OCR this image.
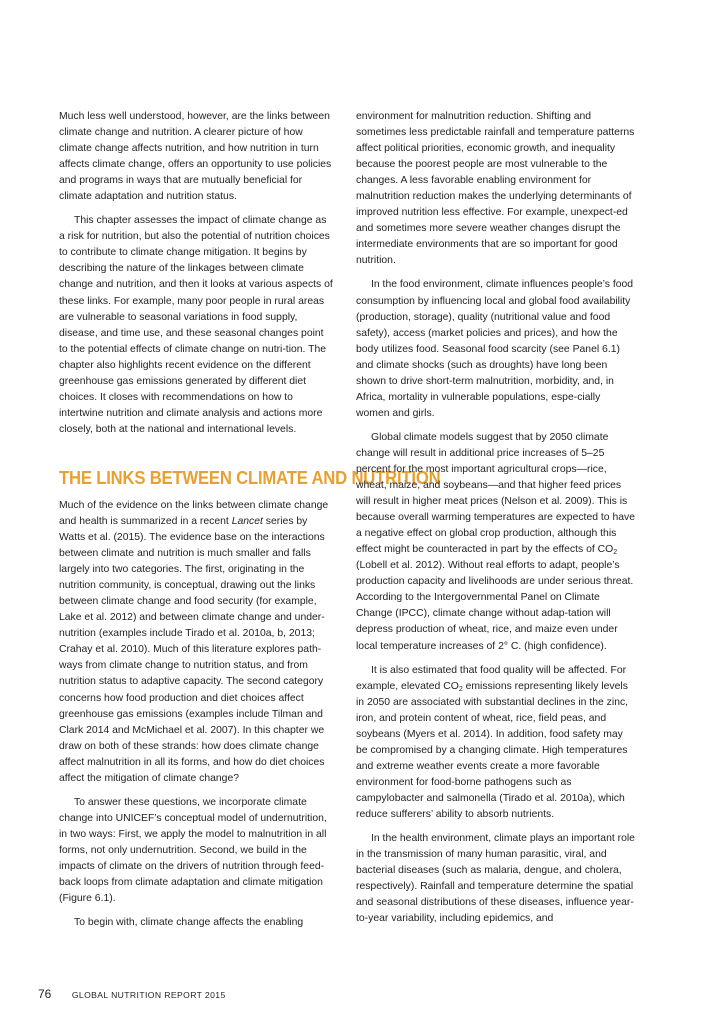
Much less well understood, however, are the links between climate change and nutrition. A clearer picture of how climate change affects nutrition, and how nutrition in turn affects climate change, offers an opportunity to use policies and programs in ways that are mutually beneficial for climate adaptation and nutrition status.

This chapter assesses the impact of climate change as a risk for nutrition, but also the potential of nutrition choices to contribute to climate change mitigation. It begins by describing the nature of the linkages between climate change and nutrition, and then it looks at various aspects of these links. For example, many poor people in rural areas are vulnerable to seasonal variations in food supply, disease, and time use, and these seasonal changes point to the potential effects of climate change on nutri-tion. The chapter also highlights recent evidence on the different greenhouse gas emissions generated by different diet choices. It closes with recommendations on how to intertwine nutrition and climate analysis and actions more closely, both at the national and international levels.

THE LINKS BETWEEN CLIMATE AND NUTRITION

Much of the evidence on the links between climate change and health is summarized in a recent Lancet series by Watts et al. (2015). The evidence base on the interactions between climate and nutrition is much smaller and falls largely into two categories. The first, originating in the nutrition community, is conceptual, drawing out the links between climate change and food security (for example, Lake et al. 2012) and between climate change and under-nutrition (examples include Tirado et al. 2010a, b, 2013; Crahay et al. 2010). Much of this literature explores path-ways from climate change to nutrition status, and from nutrition status to adaptive capacity. The second category concerns how food production and diet choices affect greenhouse gas emissions (examples include Tilman and Clark 2014 and McMichael et al. 2007). In this chapter we draw on both of these strands: how does climate change affect malnutrition in all its forms, and how do diet choices affect the mitigation of climate change?

To answer these questions, we incorporate climate change into UNICEF’s conceptual model of undernutrition, in two ways: First, we apply the model to malnutrition in all forms, not only undernutrition. Second, we build in the impacts of climate on the drivers of nutrition through feed-back loops from climate adaptation and climate mitigation (Figure 6.1).

To begin with, climate change affects the enabling

environment for malnutrition reduction. Shifting and sometimes less predictable rainfall and temperature patterns affect political priorities, economic growth, and inequality because the poorest people are most vulnerable to the changes. A less favorable enabling environment for malnutrition reduction makes the underlying determinants of improved nutrition less effective. For example, unexpect-ed and sometimes more severe weather changes disrupt the intermediate environments that are so important for good nutrition.

In the food environment, climate influences people’s food consumption by influencing local and global food availability (production, storage), quality (nutritional value and food safety), access (market policies and prices), and how the body utilizes food. Seasonal food scarcity (see Panel 6.1) and climate shocks (such as droughts) have long been shown to drive short-term malnutrition, morbidity, and, in Africa, mortality in vulnerable populations, espe-cially women and girls.

Global climate models suggest that by 2050 climate change will result in additional price increases of 5–25 percent for the most important agricultural crops—rice, wheat, maize, and soybeans—and that higher feed prices will result in higher meat prices (Nelson et al. 2009). This is because overall warming temperatures are expected to have a negative effect on global crop production, although this effect might be counteracted in part by the effects of $CO_2$ (Lobell et al. 2012). Without real efforts to adapt, people’s production capacity and livelihoods are under serious threat. According to the Intergovernmental Panel on Climate Change (IPCC), climate change without adap-tation will depress production of wheat, rice, and maize even under local temperature increases of 2° C. (high confidence).

It is also estimated that food quality will be affected. For example, elevated $CO_2$ emissions representing likely levels in 2050 are associated with substantial declines in the zinc, iron, and protein content of wheat, rice, field peas, and soybeans (Myers et al. 2014). In addition, food safety may be compromised by a changing climate. High temperatures and extreme weather events create a more favorable environment for food-borne pathogens such as campylobacter and salmonella (Tirado et al. 2010a), which reduce sufferers’ ability to absorb nutrients.

In the health environment, climate plays an important role in the transmission of many human parasitic, viral, and bacterial diseases (such as malaria, dengue, and cholera, respectively). Rainfall and temperature determine the spatial and seasonal distributions of these diseases, influence year-to-year variability, including epidemics, and

76 GLOBAL NUTRITION REPORT 2015
